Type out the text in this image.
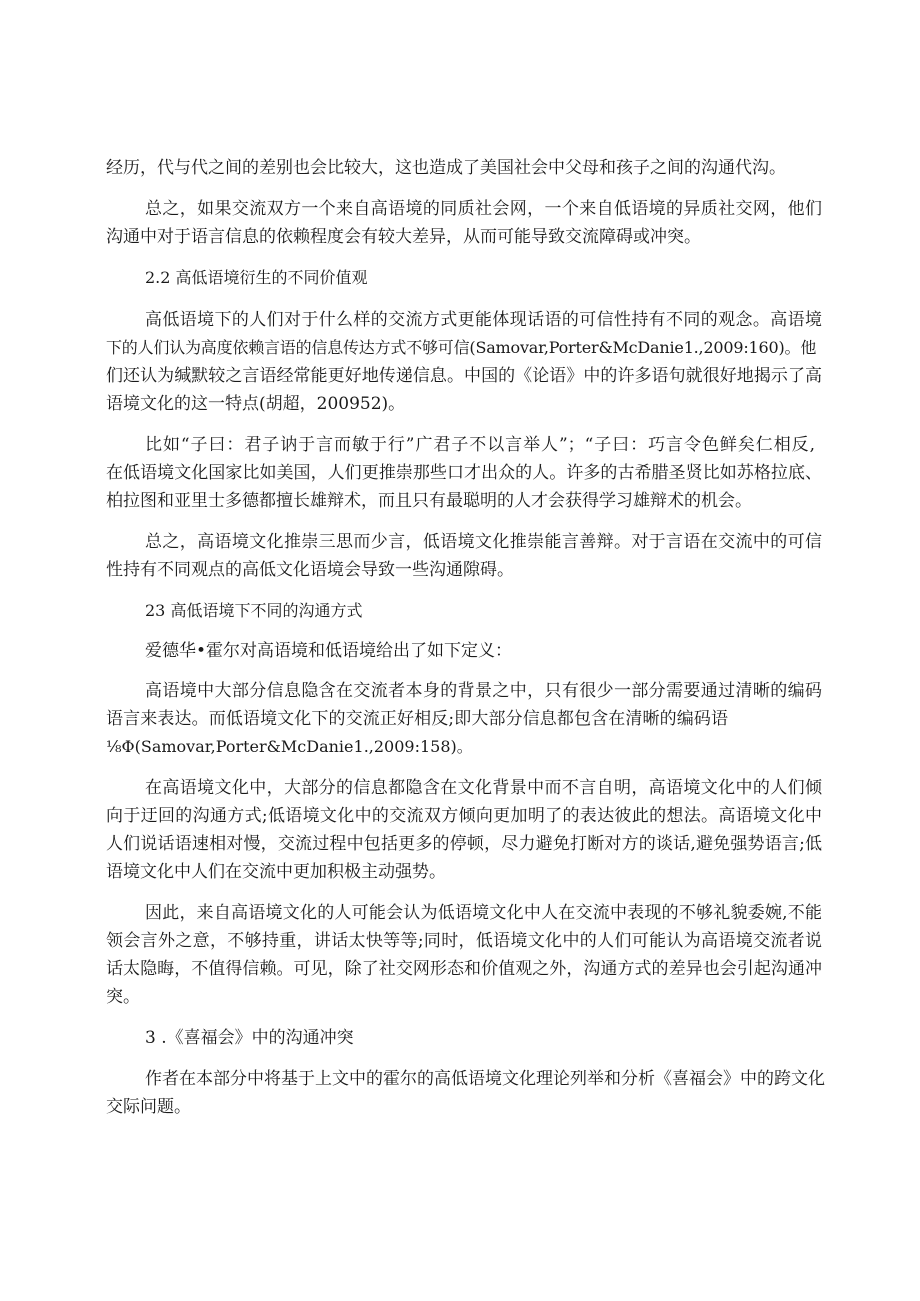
经历，代与代之间的差别也会比较大，这也造成了美国社会中父母和孩子之间的沟通代沟。
总之，如果交流双方一个来自高语境的同质社会网，一个来自低语境的异质社交网，他们
沟通中对于语言信息的依赖程度会有较大差异，从而可能导致交流障碍或冲突。
2.2 高低语境衍生的不同价值观
高低语境下的人们对于什么样的交流方式更能体现话语的可信性持有不同的观念。高语境
下的人们认为高度依赖言语的信息传达方式不够可信(Samovar,Porter&McDanie1.,2009:160)。他
们还认为缄默较之言语经常能更好地传递信息。中国的《论语》中的许多语句就很好地揭示了高
语境文化的这一特点(胡超，200952)。
比如“子曰：君子讷于言而敏于行”广君子不以言举人”；“子曰：巧言令色鲜矣仁相反,
在低语境文化国家比如美国，人们更推崇那些口才出众的人。许多的古希腊圣贤比如苏格拉底、
柏拉图和亚里士多德都擅长雄辩术，而且只有最聪明的人才会获得学习雄辩术的机会。
总之，高语境文化推崇三思而少言，低语境文化推崇能言善辩。对于言语在交流中的可信
性持有不同观点的高低文化语境会导致一些沟通隙碍。
23 高低语境下不同的沟通方式
爱德华•霍尔对高语境和低语境给出了如下定义：
高语境中大部分信息隐含在交流者本身的背景之中，只有很少一部分需要通过清晰的编码
语言来表达。而低语境文化下的交流正好相反;即大部分信息都包含在清晰的编码语
⅛Φ(Samovar,Porter&McDanie1.,2009:158)。
在高语境文化中，大部分的信息都隐含在文化背景中而不言自明，高语境文化中的人们倾
向于迂回的沟通方式;低语境文化中的交流双方倾向更加明了的表达彼此的想法。高语境文化中
人们说话语速相对慢，交流过程中包括更多的停顿，尽力避免打断对方的谈话,避免强势语言;低
语境文化中人们在交流中更加积极主动强势。
因此，来自高语境文化的人可能会认为低语境文化中人在交流中表现的不够礼貌委婉,不能
领会言外之意，不够持重，讲话太快等等;同时，低语境文化中的人们可能认为高语境交流者说
话太隐晦，不值得信赖。可见，除了社交网形态和价值观之外，沟通方式的差异也会引起沟通冲
突。
3 .《喜福会》中的沟通冲突
作者在本部分中将基于上文中的霍尔的高低语境文化理论列举和分析《喜福会》中的跨文化
交际问题。
